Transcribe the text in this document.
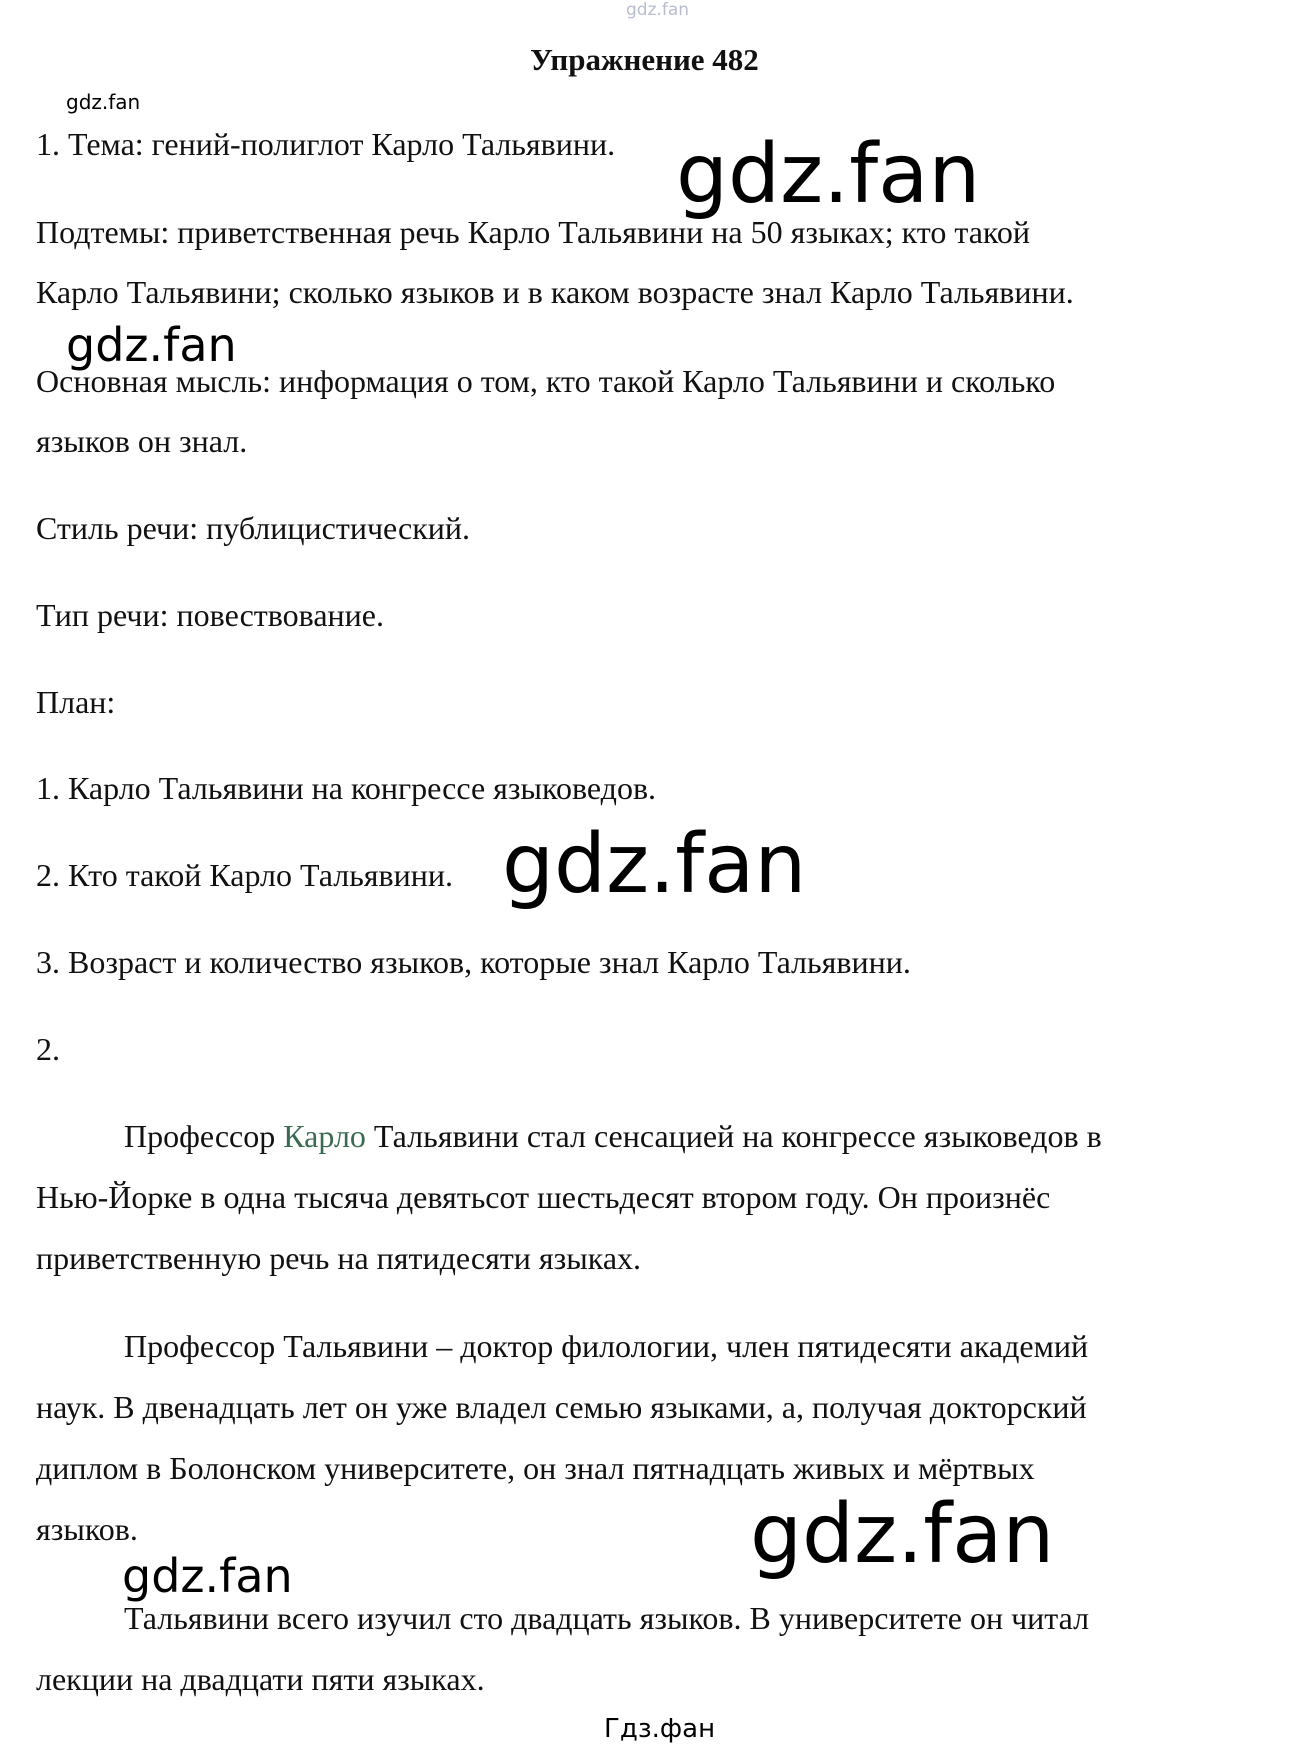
gdz.fan
Упражнение 482
gdz.fan
1. Тема: гений-полиглот Карло Тальявини.
Подтемы: приветственная речь Карло Тальявини на 50 языках; кто такой
Карло Тальявини; сколько языков и в каком возрасте знал Карло Тальявини.
Основная мысль: информация о том, кто такой Карло Тальявини и сколько
языков он знал.
Стиль речи: публицистический.
Тип речи: повествование.
План:
1. Карло Тальявини на конгрессе языковедов.
2. Кто такой Карло Тальявини.
3. Возраст и количество языков, которые знал Карло Тальявини.
2.
Профессор Карло Тальявини стал сенсацией на конгрессе языковедов в
Нью-Йорке в одна тысяча девятьсот шестьдесят втором году. Он произнёс
приветственную речь на пятидесяти языках.
Профессор Тальявини – доктор филологии, член пятидесяти академий
наук. В двенадцать лет он уже владел семью языками, а, получая докторский
диплом в Болонском университете, он знал пятнадцать живых и мёртвых
языков.
Тальявини всего изучил сто двадцать языков. В университете он читал
лекции на двадцати пяти языках.
gdz.fan
gdz.fan
gdz.fan
gdz.fan
gdz.fan
Гдз.фан
